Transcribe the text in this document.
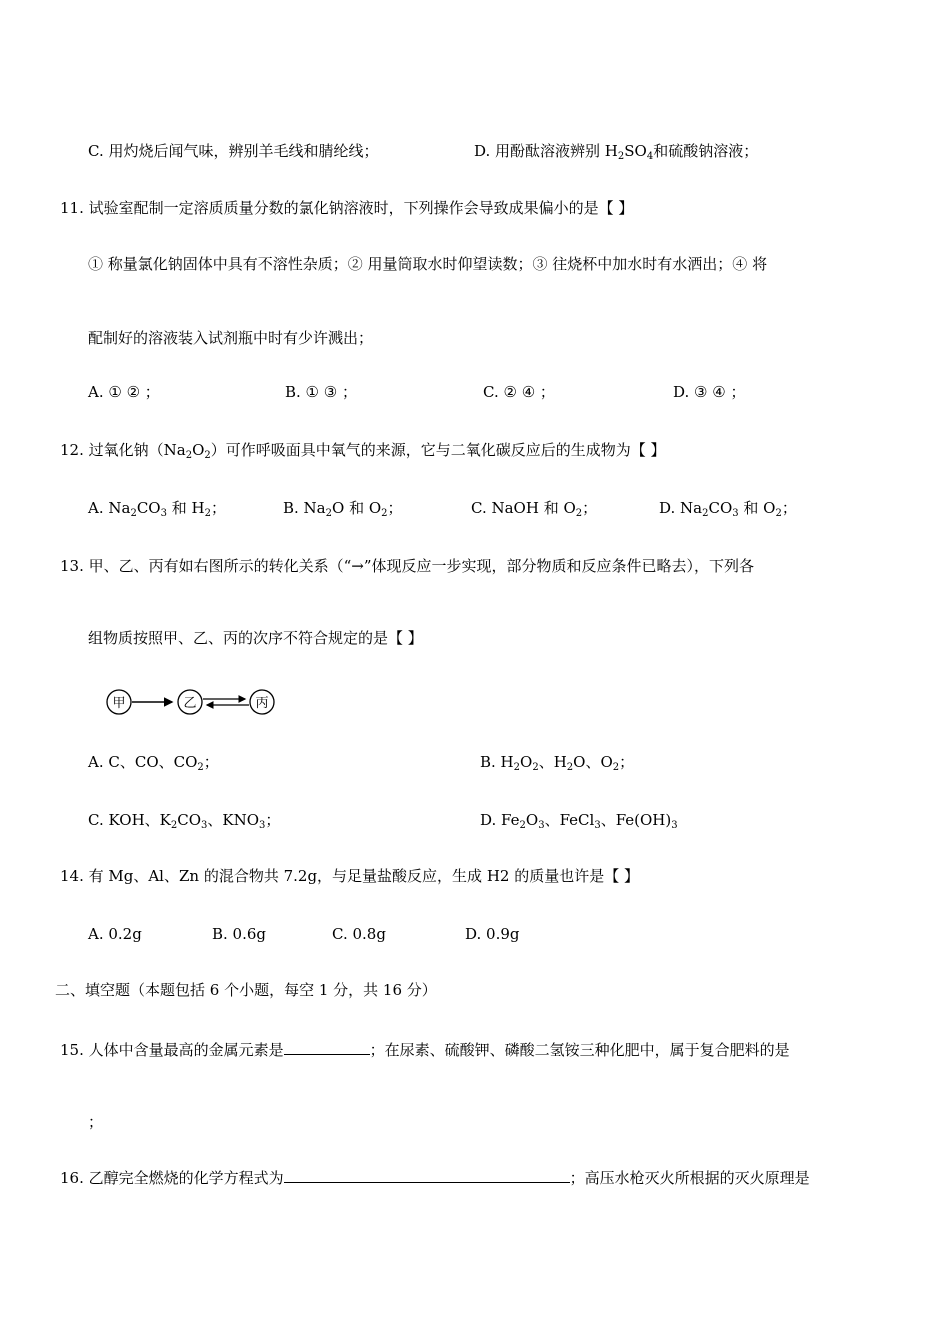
C. 用灼烧后闻气味，辨别羊毛线和腈纶线；	D. 用酚酞溶液辨别 $H_2SO_4$和硫酸钠溶液；
11. 试验室配制一定溶质质量分数的氯化钠溶液时，下列操作会导致成果偏小的是【 】
① 称量氯化钠固体中具有不溶性杂质；② 用量筒取水时仰望读数；③ 往烧杯中加水时有水洒出；④ 将
配制好的溶液装入试剂瓶中时有少许溅出；
A. ① ② ；	B. ① ③ ；	C. ② ④ ；	D. ③ ④ ；
12. 过氧化钠$(Na_2O_2)$可作呼吸面具中氧气的来源，它与二氧化碳反应后的生成物为【 】
A. $Na_2CO_3$ 和 $H_2$；	B. $Na_2O$ 和 $O_2$；	C. NaOH 和 $O_2$；	D. $Na_2CO_3$ 和 $O_2$；
13. 甲、乙、丙有如右图所示的转化关系（“→”体现反应一步实现，部分物质和反应条件已略去），下列各
组物质按照甲、乙、丙的次序不符合规定的是【 】
甲	乙	丙
A. C、CO、$CO_2$；	B. $H_2O_2$、$H_2O$、$O_2$；
C. KOH、$K_2CO_3$、$KNO_3$；	D. $Fe_2O_3$、FeCl$_3$、$Fe(OH)_3$
14. 有 Mg、Al、Zn 的混合物共 7.2g，与足量盐酸反应，生成 H2 的质量也许是【 】
A. 0.2g	B. 0.6g	C. 0.8g	D. 0.9g
二、填空题（本题包括 6 个小题，每空 1 分，共 16 分）
15. 人体中含量最高的金属元素是	；在尿素、硫酸钾、磷酸二氢铵三种化肥中，属于复合肥料的是
；
16. 乙醇完全燃烧的化学方程式为	；高压水枪灭火所根据的灭火原理是
